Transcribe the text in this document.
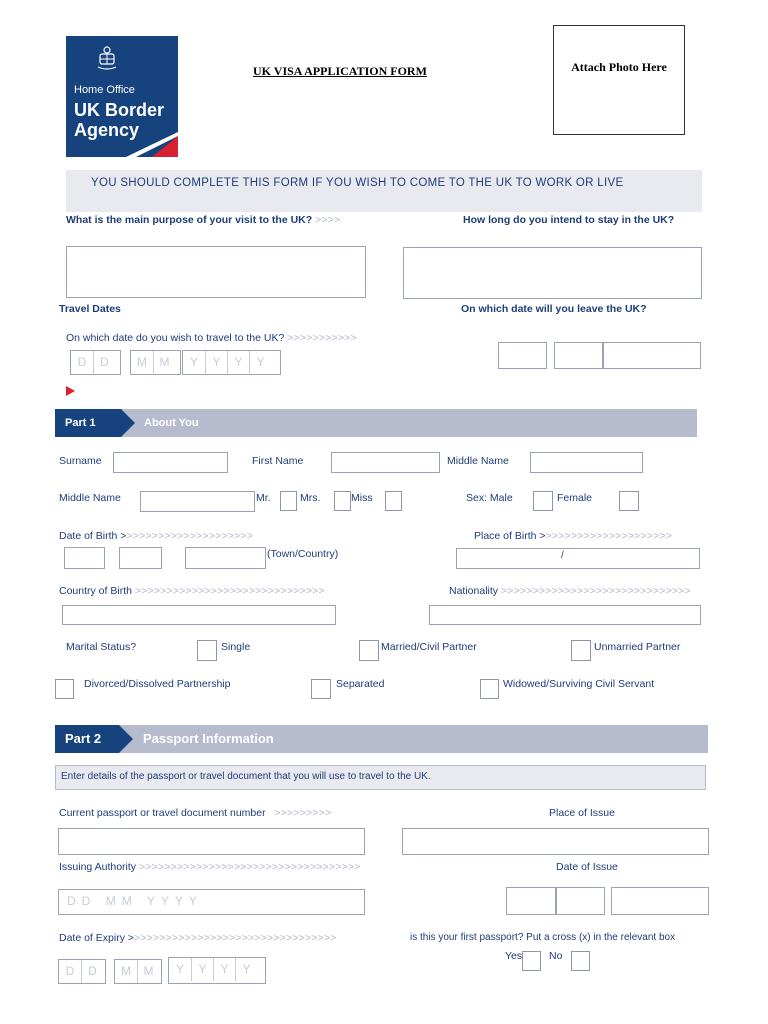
Home Office
UK Border
Agency
UK VISA APPLICATION FORM	Attach Photo Here
YOU SHOULD COMPLETE THIS FORM IF YOU WISH TO COME TO THE UK TO WORK OR LIVE
What is the main purpose of your visit to the UK? >>>>	How long do you intend to stay in the UK?
Travel Dates	On which date will you leave the UK?
On which date do you wish to travel to the UK? >>>>>>>>>>>
D D	M M	Y Y Y Y
Part 1	About You
Surname	First Name	Middle Name
Middle Name	Mr.	Mrs.	Miss	Sex: Male	Female
Date of Birth >>>>>>>>>>>>>>>>>>>>>	Place of Birth >>>>>>>>>>>>>>>>>>>>>
(Town/Country)	/
Country of Birth >>>>>>>>>>>>>>>>>>>>>>>>>>>>>>	Nationality >>>>>>>>>>>>>>>>>>>>>>>>>>>>>>
Marital Status?	Single	Married/Civil Partner	Unmarried Partner
Divorced/Dissolved Partnership	Separated	Widowed/Surviving Civil Servant
Part 2	Passport Information
Enter details of the passport or travel document that you will use to travel to the UK.
Current passport or travel document number >>>>>>>>>	Place of Issue
Issuing Authority >>>>>>>>>>>>>>>>>>>>>>>>>>>>>>>>>>>	Date of Issue
DD MM YYYY
Date of Expiry >>>>>>>>>>>>>>>>>>>>>>>>>>>>>>>>>	is this your first passport? Put a cross (x) in the relevant box
D D	M M	Y Y Y Y
Yes	No
